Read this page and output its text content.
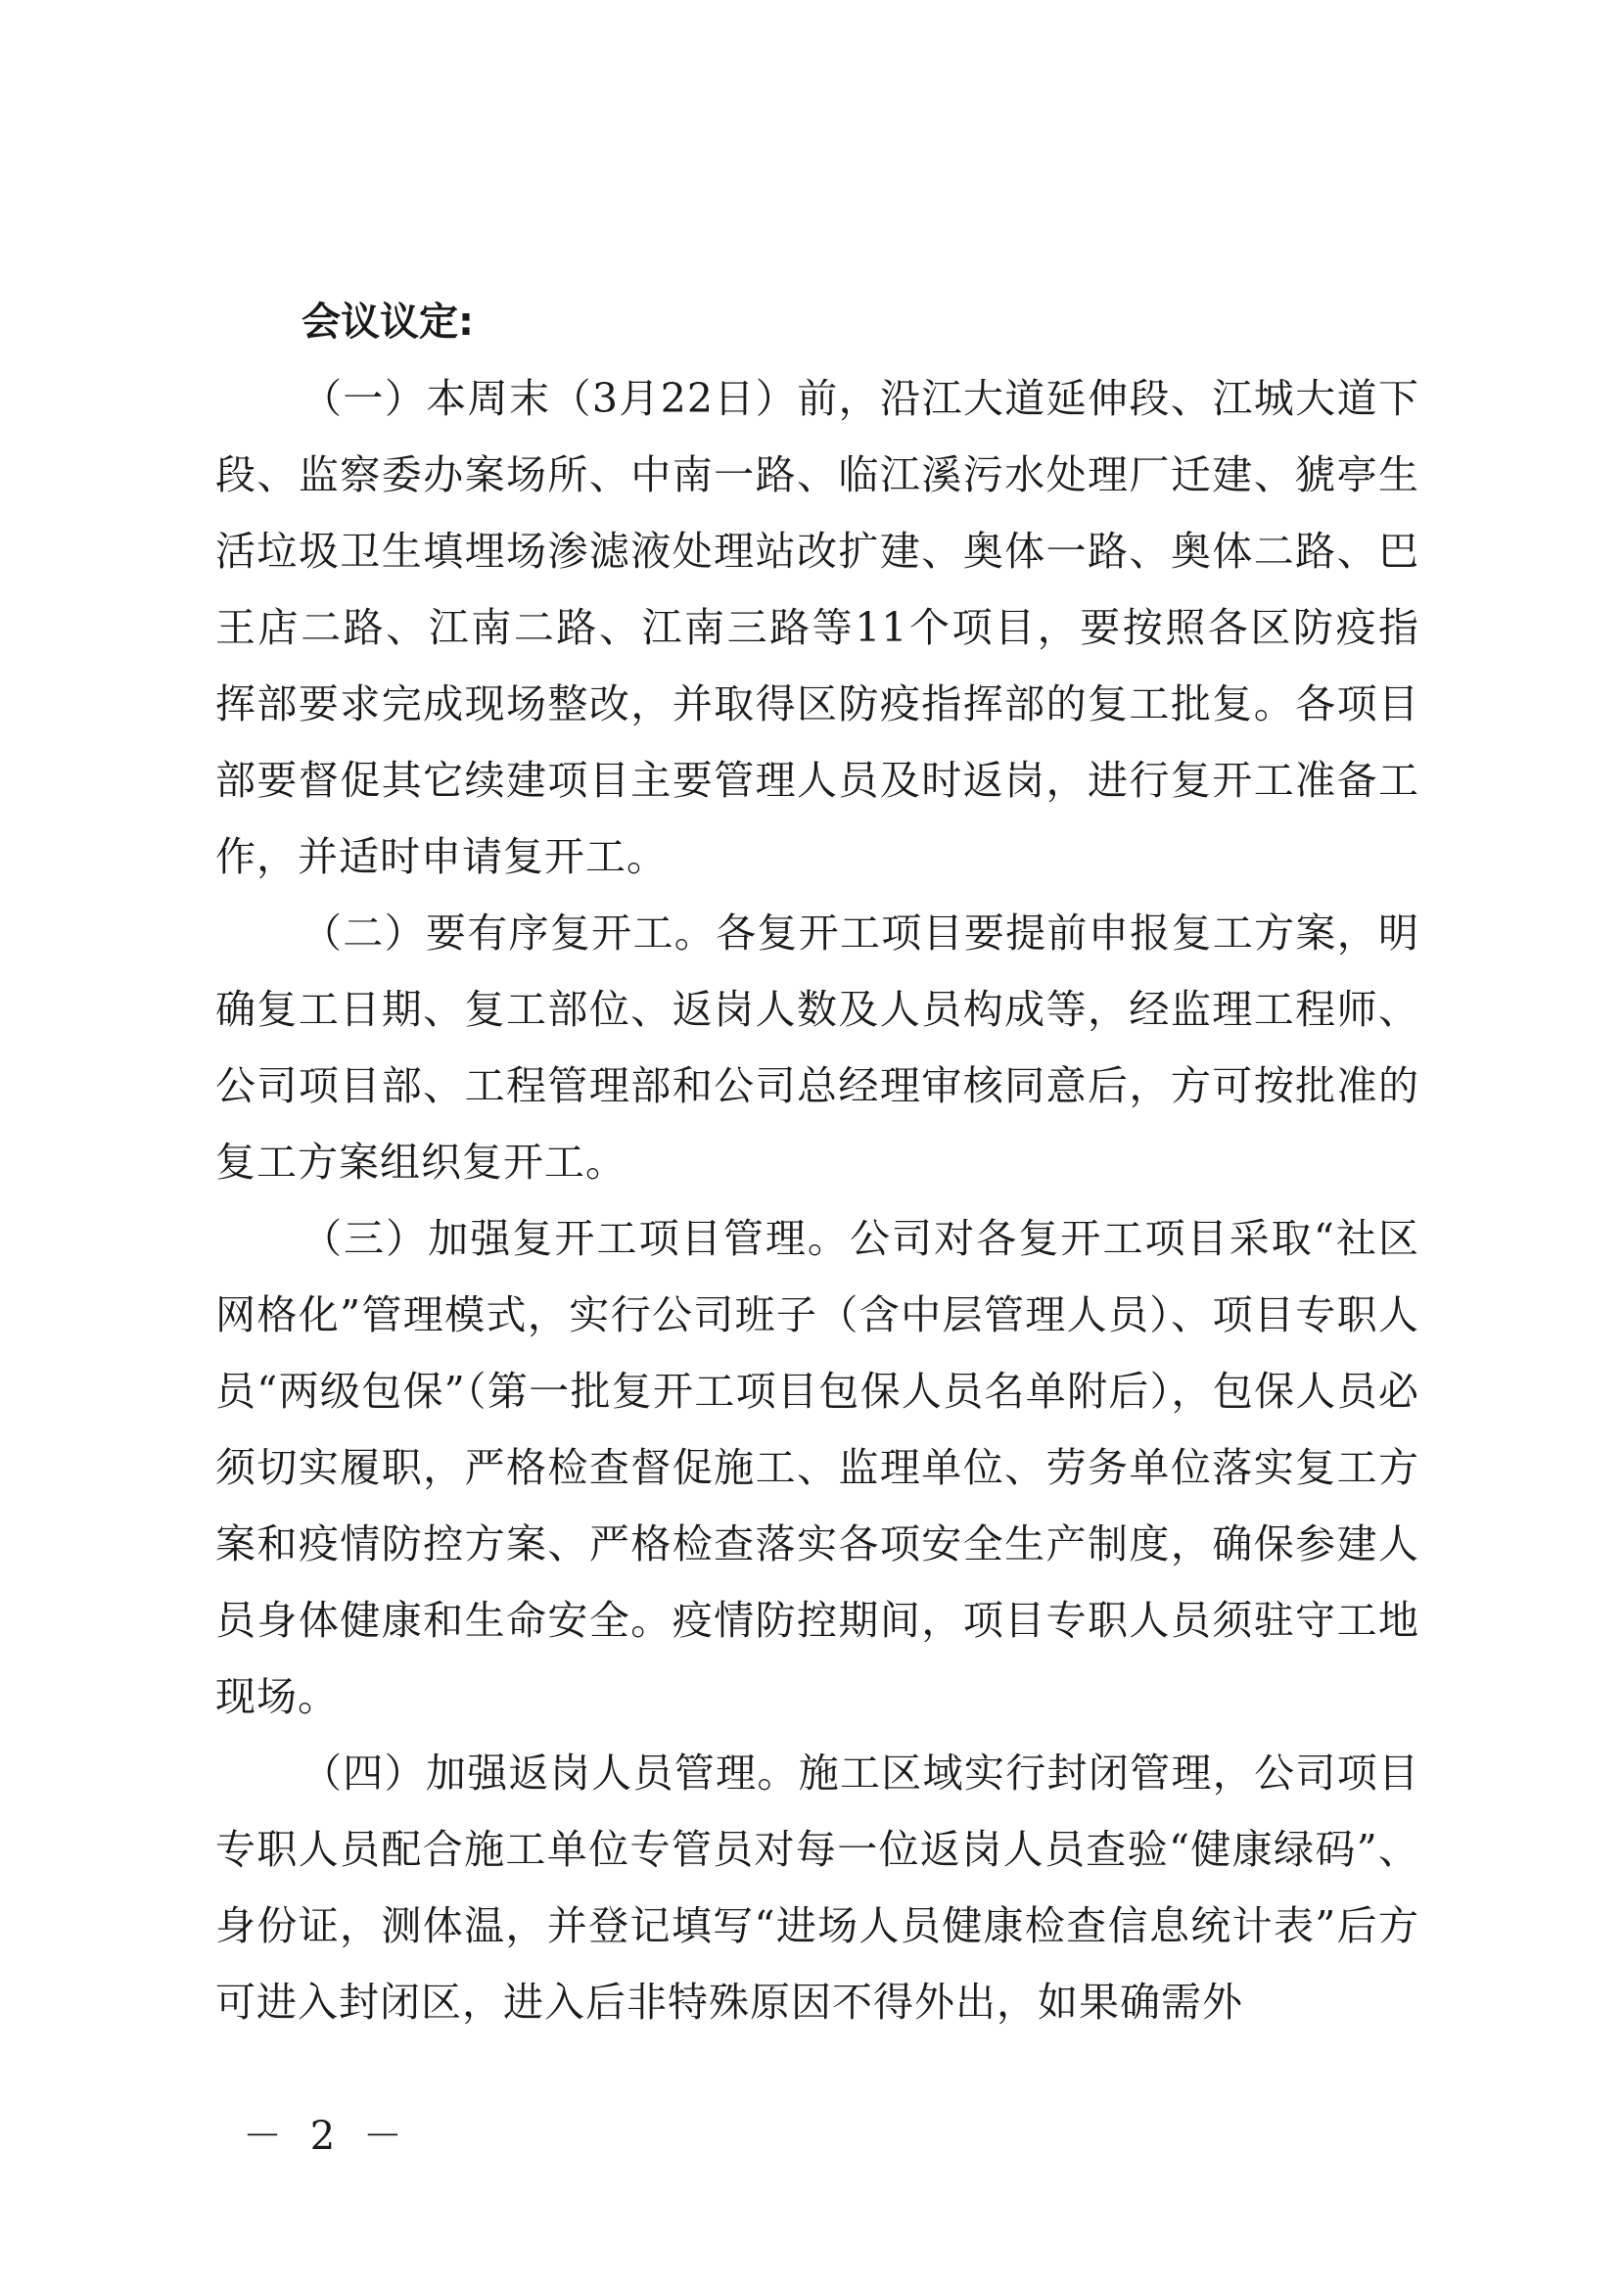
会议议定:

（一）本周末（3月22日）前，沿江大道延伸段、江城大道下段、监察委办案场所、中南一路、临江溪污水处理厂迁建、猇亭生活垃圾卫生填埋场渗滤液处理站改扩建、奥体一路、奥体二路、巴王店二路、江南二路、江南三路等11个项目，要按照各区防疫指挥部要求完成现场整改，并取得区防疫指挥部的复工批复。各项目部要督促其它续建项目主要管理人员及时返岗，进行复开工准备工作，并适时申请复开工。

（二）要有序复开工。各复开工项目要提前申报复工方案，明确复工日期、复工部位、返岗人数及人员构成等，经监理工程师、公司项目部、工程管理部和公司总经理审核同意后，方可按批准的复工方案组织复开工。

（三）加强复开工项目管理。公司对各复开工项目采取“社区网格化”管理模式，实行公司班子（含中层管理人员）、项目专职人员“两级包保”（第一批复开工项目包保人员名单附后），包保人员必须切实履职，严格检查督促施工、监理单位、劳务单位落实复工方案和疫情防控方案、严格检查落实各项安全生产制度，确保参建人员身体健康和生命安全。疫情防控期间，项目专职人员须驻守工地现场。

（四）加强返岗人员管理。施工区域实行封闭管理，公司项目专职人员配合施工单位专管员对每一位返岗人员查验“健康绿码”、身份证，测体温，并登记填写“进场人员健康检查信息统计表”后方可进入封闭区，进入后非特殊原因不得外出，如果确需外

－ 2 －
